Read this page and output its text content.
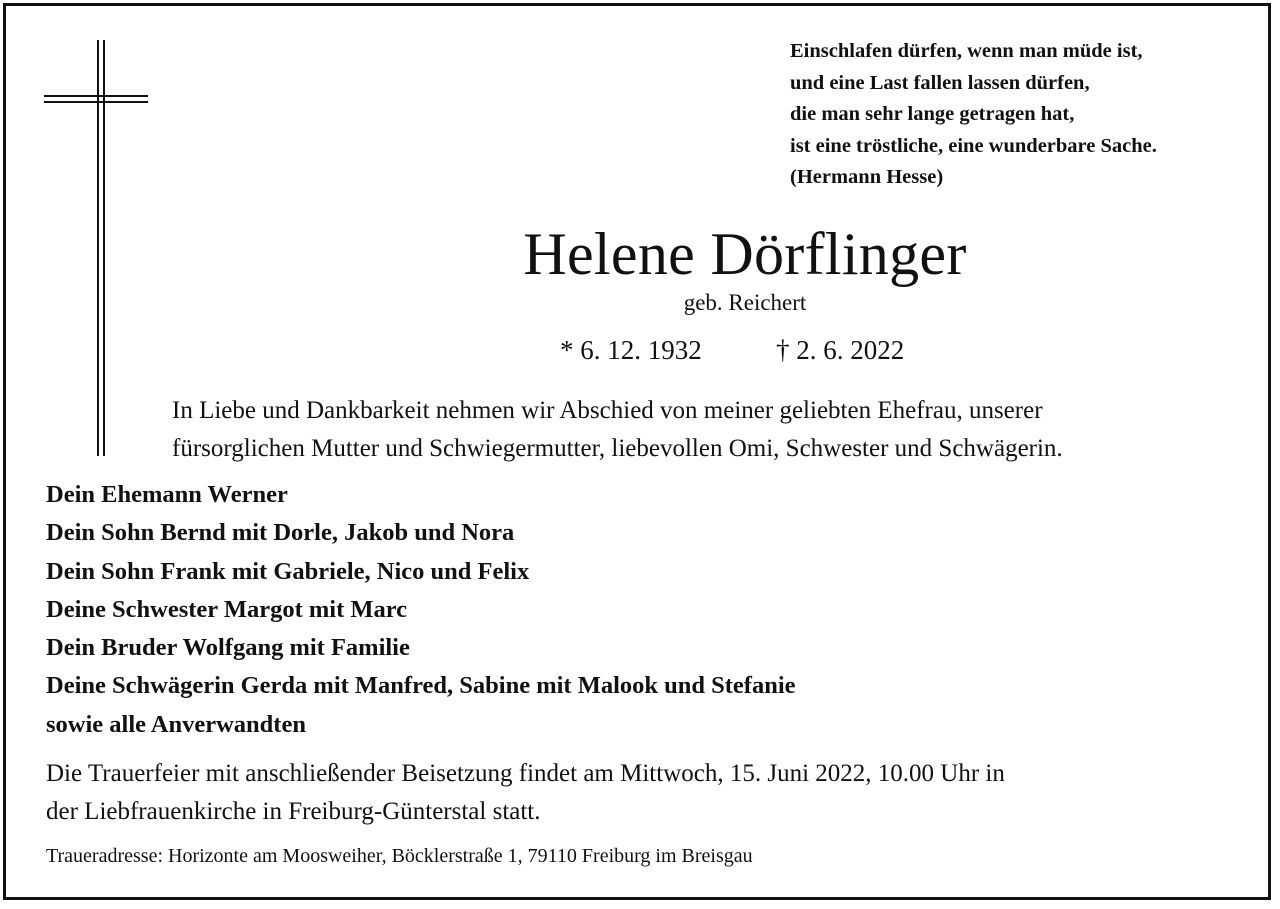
Einschlafen dürfen, wenn man müde ist,
und eine Last fallen lassen dürfen,
die man sehr lange getragen hat,
ist eine tröstliche, eine wunderbare Sache.
(Hermann Hesse)
Helene Dörflinger
geb. Reichert
* 6. 12. 1932	† 2. 6. 2022
In Liebe und Dankbarkeit nehmen wir Abschied von meiner geliebten Ehefrau, unserer
fürsorglichen Mutter und Schwiegermutter, liebevollen Omi, Schwester und Schwägerin.
Dein Ehemann Werner
Dein Sohn Bernd mit Dorle, Jakob und Nora
Dein Sohn Frank mit Gabriele, Nico und Felix
Deine Schwester Margot mit Marc
Dein Bruder Wolfgang mit Familie
Deine Schwägerin Gerda mit Manfred, Sabine mit Malook und Stefanie
sowie alle Anverwandten
Die Trauerfeier mit anschließender Beisetzung findet am Mittwoch, 15. Juni 2022, 10.00 Uhr in
der Liebfrauenkirche in Freiburg-Günterstal statt.
Traueradresse: Horizonte am Moosweiher, Böcklerstraße 1, 79110 Freiburg im Breisgau
